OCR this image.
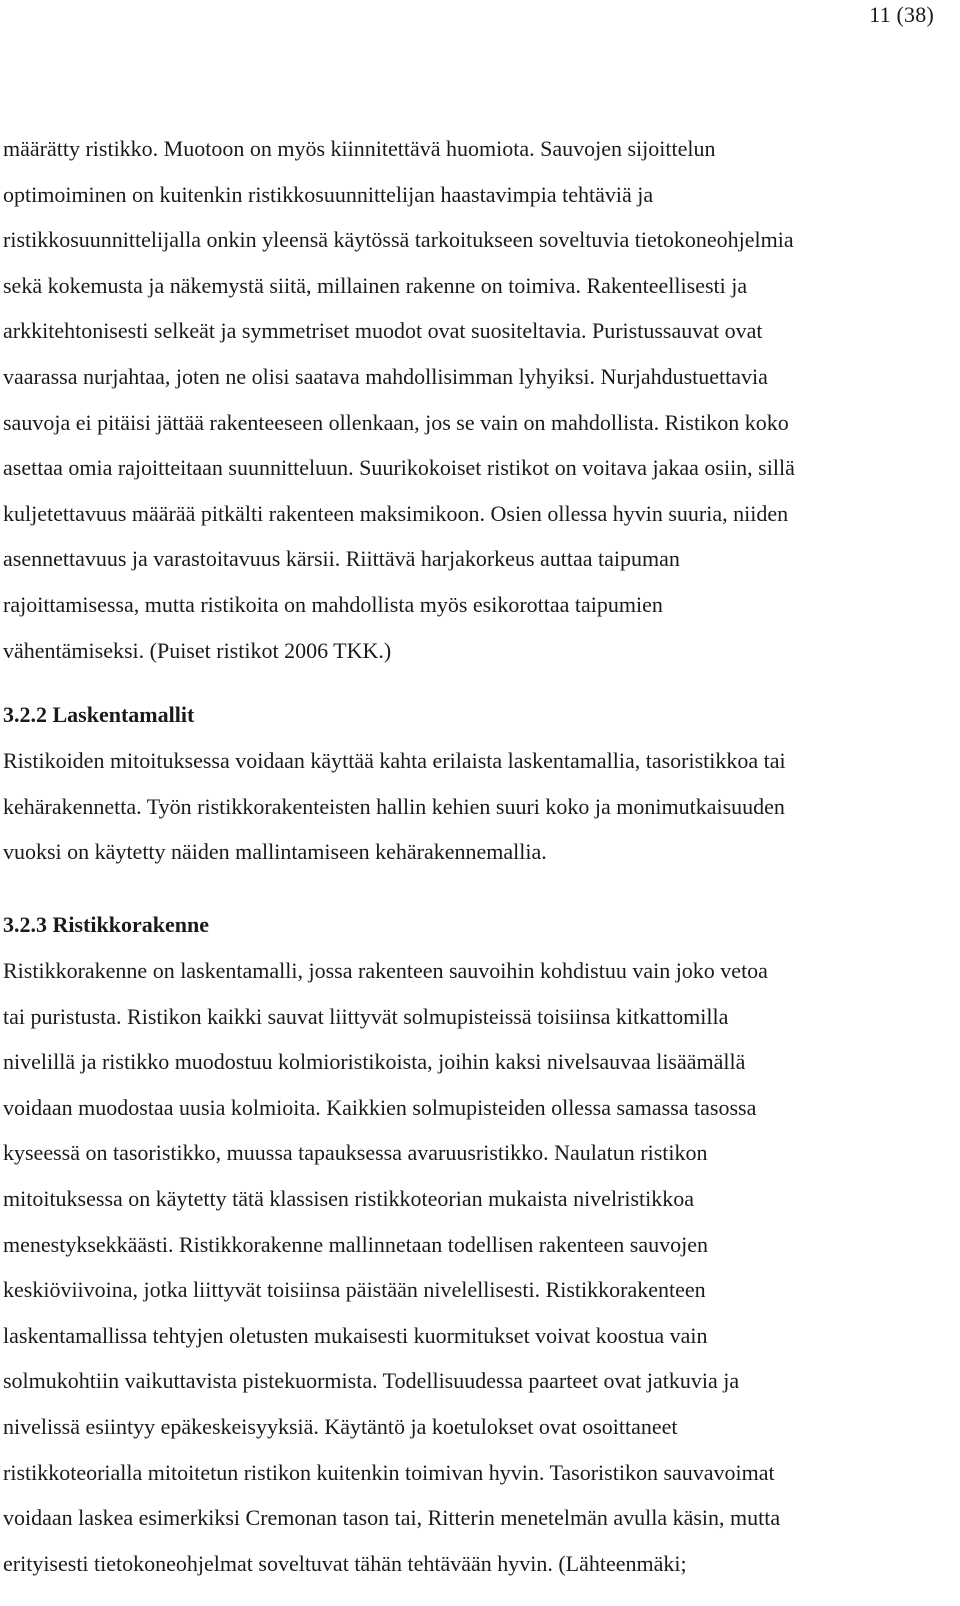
11 (38)

määrätty ristikko. Muotoon on myös kiinnitettävä huomiota. Sauvojen sijoittelun
optimoiminen on kuitenkin ristikkosuunnittelijan haastavimpia tehtäviä ja
ristikkosuunnittelijalla onkin yleensä käytössä tarkoitukseen soveltuvia tietokoneohjelmia
sekä kokemusta ja näkemystä siitä, millainen rakenne on toimiva. Rakenteellisesti ja
arkkitehtonisesti selkeät ja symmetriset muodot ovat suositeltavia. Puristussauvat ovat
vaarassa nurjahtaa, joten ne olisi saatava mahdollisimman lyhyiksi. Nurjahdustuettavia
sauvoja ei pitäisi jättää rakenteeseen ollenkaan, jos se vain on mahdollista. Ristikon koko
asettaa omia rajoitteitaan suunnitteluun. Suurikokoiset ristikot on voitava jakaa osiin, sillä
kuljetettavuus määrää pitkälti rakenteen maksimikoon. Osien ollessa hyvin suuria, niiden
asennettavuus ja varastoitavuus kärsii. Riittävä harjakorkeus auttaa taipuman
rajoittamisessa, mutta ristikoita on mahdollista myös esikorottaa taipumien
vähentämiseksi. (Puiset ristikot 2006 TKK.)

3.2.2 Laskentamallit

Ristikoiden mitoituksessa voidaan käyttää kahta erilaista laskentamallia, tasoristikkoa tai
kehärakennetta. Työn ristikkorakenteisten hallin kehien suuri koko ja monimutkaisuuden
vuoksi on käytetty näiden mallintamiseen kehärakennemallia.

3.2.3 Ristikkorakenne

Ristikkorakenne on laskentamalli, jossa rakenteen sauvoihin kohdistuu vain joko vetoa
tai puristusta. Ristikon kaikki sauvat liittyvät solmupisteissä toisiinsa kitkattomilla
nivelillä ja ristikko muodostuu kolmioristikoista, joihin kaksi nivelsauvaa lisäämällä
voidaan muodostaa uusia kolmioita. Kaikkien solmupisteiden ollessa samassa tasossa
kyseessä on tasoristikko, muussa tapauksessa avaruusristikko. Naulatun ristikon
mitoituksessa on käytetty tätä klassisen ristikkoteorian mukaista nivelristikkoa
menestyksekkäästi. Ristikkorakenne mallinnetaan todellisen rakenteen sauvojen
keskiöviivoina, jotka liittyvät toisiinsa päistään nivelellisesti. Ristikkorakenteen
laskentamallissa tehtyjen oletusten mukaisesti kuormitukset voivat koostua vain
solmukohtiin vaikuttavista pistekuormista. Todellisuudessa paarteet ovat jatkuvia ja
nivelissä esiintyy epäkeskeisyyksiä. Käytäntö ja koetulokset ovat osoittaneet
ristikkoteorialla mitoitetun ristikon kuitenkin toimivan hyvin. Tasoristikon sauvavoimat
voidaan laskea esimerkiksi Cremonan tason tai, Ritterin menetelmän avulla käsin, mutta
erityisesti tietokoneohjelmat soveltuvat tähän tehtävään hyvin. (Lähteenmäki;
